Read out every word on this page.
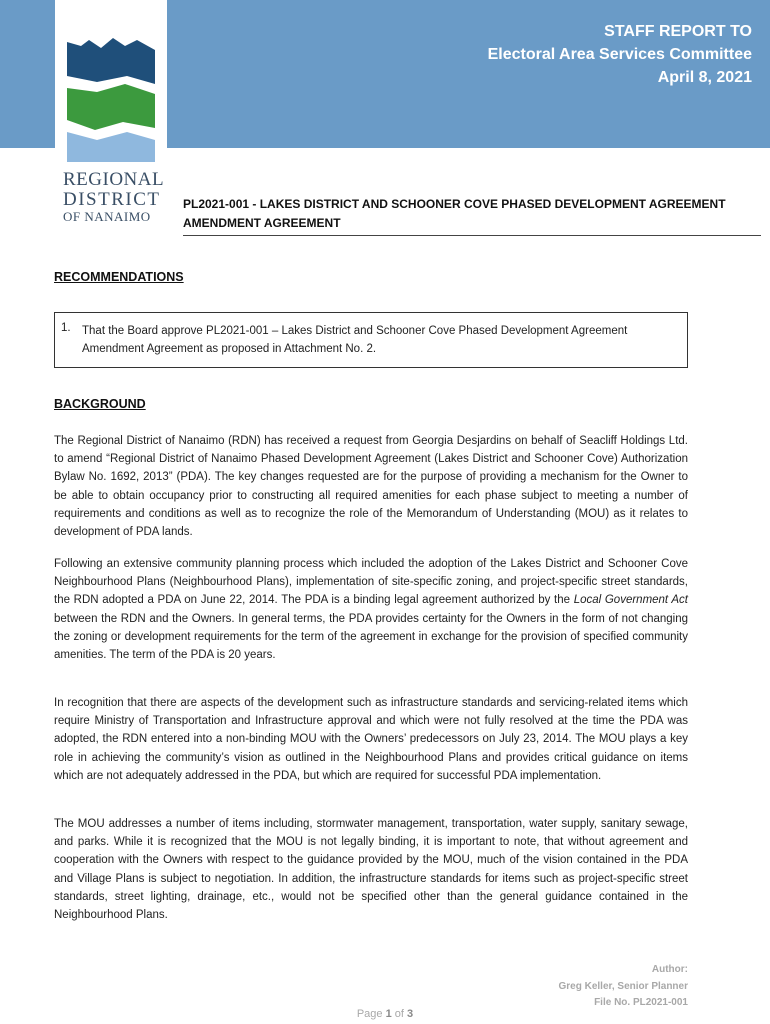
REGIONAL
DISTRICT
OF NANAIMO
STAFF REPORT TO
Electoral Area Services Committee
April 8, 2021
PL2021-001 - LAKES DISTRICT AND SCHOONER COVE PHASED DEVELOPMENT AGREEMENT
AMENDMENT AGREEMENT
RECOMMENDATIONS
1. That the Board approve PL2021-001 – Lakes District and Schooner Cove Phased Development Agreement Amendment Agreement as proposed in Attachment No. 2.
BACKGROUND
The Regional District of Nanaimo (RDN) has received a request from Georgia Desjardins on behalf of Seacliff Holdings Ltd. to amend “Regional District of Nanaimo Phased Development Agreement (Lakes District and Schooner Cove) Authorization Bylaw No. 1692, 2013” (PDA). The key changes requested are for the purpose of providing a mechanism for the Owner to be able to obtain occupancy prior to constructing all required amenities for each phase subject to meeting a number of requirements and conditions as well as to recognize the role of the Memorandum of Understanding (MOU) as it relates to development of PDA lands.
Following an extensive community planning process which included the adoption of the Lakes District and Schooner Cove Neighbourhood Plans (Neighbourhood Plans), implementation of site-specific zoning, and project-specific street standards, the RDN adopted a PDA on June 22, 2014. The PDA is a binding legal agreement authorized by the Local Government Act between the RDN and the Owners. In general terms, the PDA provides certainty for the Owners in the form of not changing the zoning or development requirements for the term of the agreement in exchange for the provision of specified community amenities. The term of the PDA is 20 years.
In recognition that there are aspects of the development such as infrastructure standards and servicing-related items which require Ministry of Transportation and Infrastructure approval and which were not fully resolved at the time the PDA was adopted, the RDN entered into a non-binding MOU with the Owners’ predecessors on July 23, 2014. The MOU plays a key role in achieving the community’s vision as outlined in the Neighbourhood Plans and provides critical guidance on items which are not adequately addressed in the PDA, but which are required for successful PDA implementation.
The MOU addresses a number of items including, stormwater management, transportation, water supply, sanitary sewage, and parks. While it is recognized that the MOU is not legally binding, it is important to note, that without agreement and cooperation with the Owners with respect to the guidance provided by the MOU, much of the vision contained in the PDA and Village Plans is subject to negotiation. In addition, the infrastructure standards for items such as project-specific street standards, street lighting, drainage, etc., would not be specified other than the general guidance contained in the Neighbourhood Plans.
Author:
Greg Keller, Senior Planner
File No. PL2021-001
Page 1 of 3
